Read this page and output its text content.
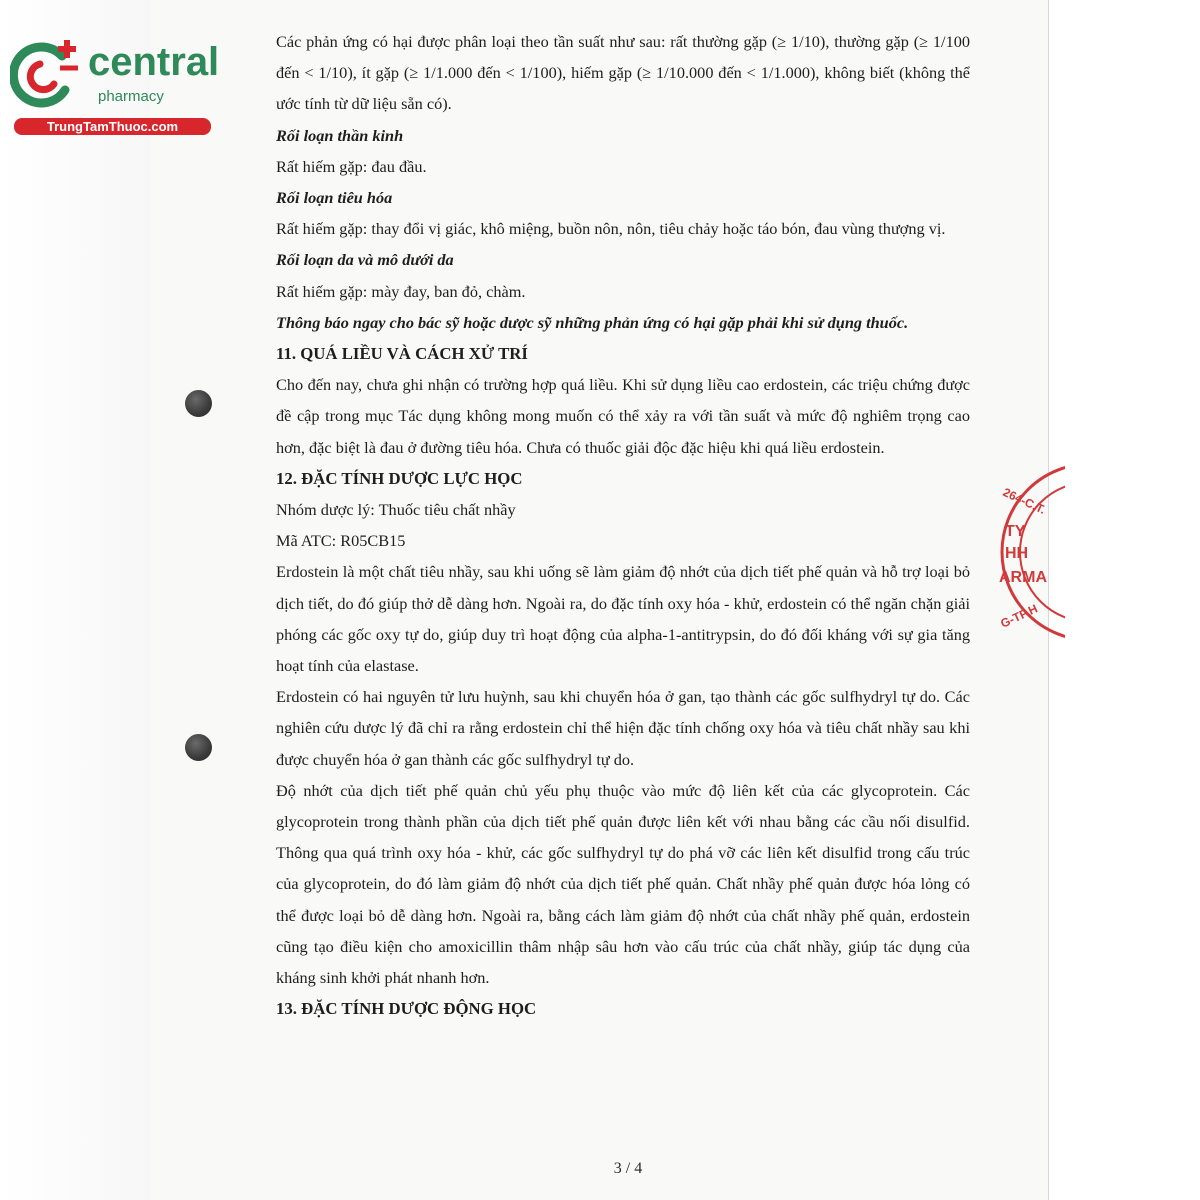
central
pharmacy
TrungTamThuoc.com

Các phản ứng có hại được phân loại theo tần suất như sau: rất thường gặp (≥ 1/10), thường gặp (≥ 1/100 đến < 1/10), ít gặp (≥ 1/1.000 đến < 1/100), hiếm gặp (≥ 1/10.000 đến < 1/1.000), không biết (không thể ước tính từ dữ liệu sẵn có).

Rối loạn thần kinh

Rất hiếm gặp: đau đầu.

Rối loạn tiêu hóa

Rất hiếm gặp: thay đổi vị giác, khô miệng, buồn nôn, nôn, tiêu chảy hoặc táo bón, đau vùng thượng vị.

Rối loạn da và mô dưới da

Rất hiếm gặp: mày đay, ban đỏ, chàm.

Thông báo ngay cho bác sỹ hoặc dược sỹ những phản ứng có hại gặp phải khi sử dụng thuốc.

11. QUÁ LIỀU VÀ CÁCH XỬ TRÍ

Cho đến nay, chưa ghi nhận có trường hợp quá liều. Khi sử dụng liều cao erdostein, các triệu chứng được đề cập trong mục Tác dụng không mong muốn có thể xảy ra với tần suất và mức độ nghiêm trọng cao hơn, đặc biệt là đau ở đường tiêu hóa. Chưa có thuốc giải độc đặc hiệu khi quá liều erdostein.

12. ĐẶC TÍNH DƯỢC LỰC HỌC

Nhóm dược lý: Thuốc tiêu chất nhầy

Mã ATC: R05CB15

Erdostein là một chất tiêu nhầy, sau khi uống sẽ làm giảm độ nhớt của dịch tiết phế quản và hỗ trợ loại bỏ dịch tiết, do đó giúp thở dễ dàng hơn. Ngoài ra, do đặc tính oxy hóa - khử, erdostein có thể ngăn chặn giải phóng các gốc oxy tự do, giúp duy trì hoạt động của alpha-1-antitrypsin, do đó đối kháng với sự gia tăng hoạt tính của elastase.

Erdostein có hai nguyên tử lưu huỳnh, sau khi chuyển hóa ở gan, tạo thành các gốc sulfhydryl tự do. Các nghiên cứu dược lý đã chỉ ra rằng erdostein chỉ thể hiện đặc tính chống oxy hóa và tiêu chất nhầy sau khi được chuyển hóa ở gan thành các gốc sulfhydryl tự do.

Độ nhớt của dịch tiết phế quản chủ yếu phụ thuộc vào mức độ liên kết của các glycoprotein. Các glycoprotein trong thành phần của dịch tiết phế quản được liên kết với nhau bằng các cầu nối disulfid. Thông qua quá trình oxy hóa - khử, các gốc sulfhydryl tự do phá vỡ các liên kết disulfid trong cấu trúc của glycoprotein, do đó làm giảm độ nhớt của dịch tiết phế quản. Chất nhầy phế quản được hóa lỏng có thể được loại bỏ dễ dàng hơn. Ngoài ra, bằng cách làm giảm độ nhớt của chất nhầy phế quản, erdostein cũng tạo điều kiện cho amoxicillin thâm nhập sâu hơn vào cấu trúc của chất nhầy, giúp tác dụng của kháng sinh khởi phát nhanh hơn.

13. ĐẶC TÍNH DƯỢC ĐỘNG HỌC

3 / 4
264-C.T.
TY
HH
ARMA
G-TP.H
